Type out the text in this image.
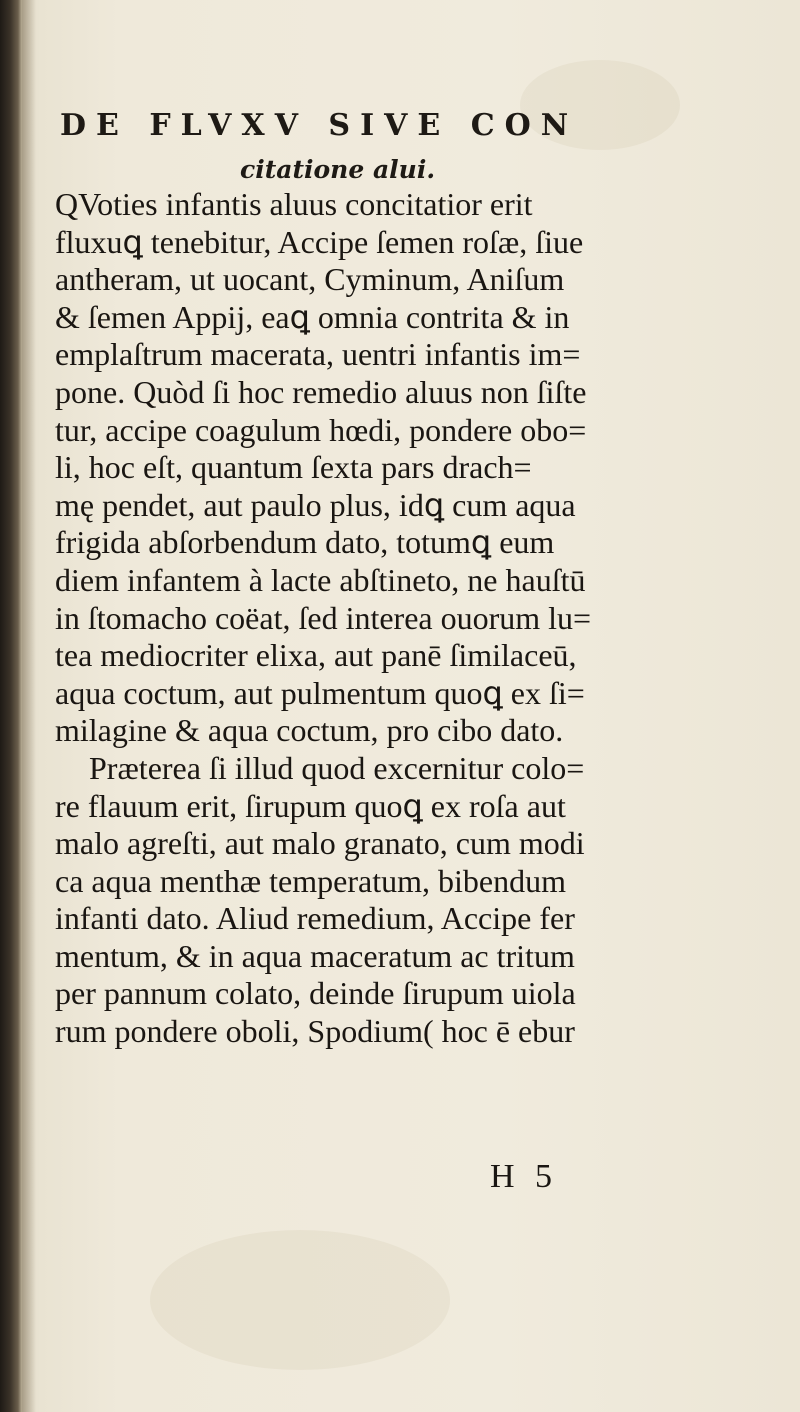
DE FLVXV SIVE CON
citatione alui.
QVoties infantis aluus concitatior erit
fluxuꝗ tenebitur, Accipe ſemen roſæ, ſiue
antheram, ut uocant, Cyminum, Aniſum
& ſemen Appij, eaꝗ omnia contrita & in
emplaſtrum macerata, uentri infantis im=
pone. Quòd ſi hoc remedio aluus non ſiſte
tur, accipe coagulum hœdi, pondere obo=
li, hoc eſt, quantum ſexta pars drach=
mę pendet, aut paulo plus, idꝗ cum aqua
frigida abſorbendum dato, totumꝗ eum
diem infantem à lacte abſtineto, ne hauſtū
in ſtomacho coëat, ſed interea ouorum lu=
tea mediocriter elixa, aut panē ſimilaceū,
aqua coctum, aut pulmentum quoꝗ ex ſi=
milagine & aqua coctum, pro cibo dato.
Præterea ſi illud quod excernitur colo=
re flauum erit, ſirupum quoꝗ ex roſa aut
malo agreſti, aut malo granato, cum modi
ca aqua menthæ temperatum, bibendum
infanti dato. Aliud remedium, Accipe fer
mentum, & in aqua maceratum ac tritum
per pannum colato, deinde ſirupum uiola
rum pondere oboli, Spodium( hoc ē ebur
H 5
